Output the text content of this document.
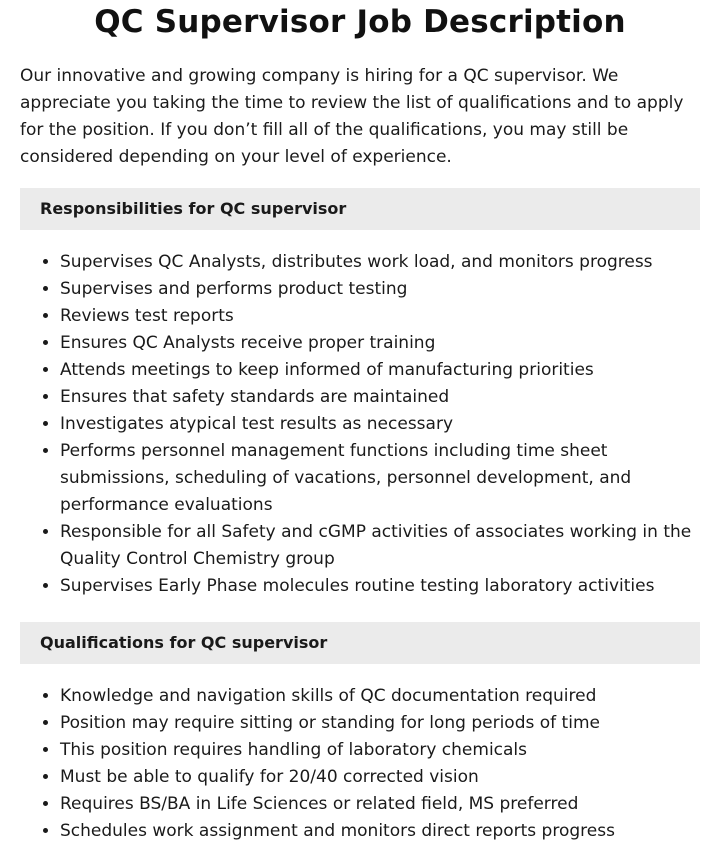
QC Supervisor Job Description

Our innovative and growing company is hiring for a QC supervisor. We appreciate you taking the time to review the list of qualifications and to apply for the position. If you don’t fill all of the qualifications, you may still be considered depending on your level of experience.

Responsibilities for QC supervisor
• Supervises QC Analysts, distributes work load, and monitors progress
• Supervises and performs product testing
• Reviews test reports
• Ensures QC Analysts receive proper training
• Attends meetings to keep informed of manufacturing priorities
• Ensures that safety standards are maintained
• Investigates atypical test results as necessary
• Performs personnel management functions including time sheet submissions, scheduling of vacations, personnel development, and performance evaluations
• Responsible for all Safety and cGMP activities of associates working in the Quality Control Chemistry group
• Supervises Early Phase molecules routine testing laboratory activities
Qualifications for QC supervisor
• Knowledge and navigation skills of QC documentation required
• Position may require sitting or standing for long periods of time
• This position requires handling of laboratory chemicals
• Must be able to qualify for 20/40 corrected vision
• Requires BS/BA in Life Sciences or related field, MS preferred
• Schedules work assignment and monitors direct reports progress
